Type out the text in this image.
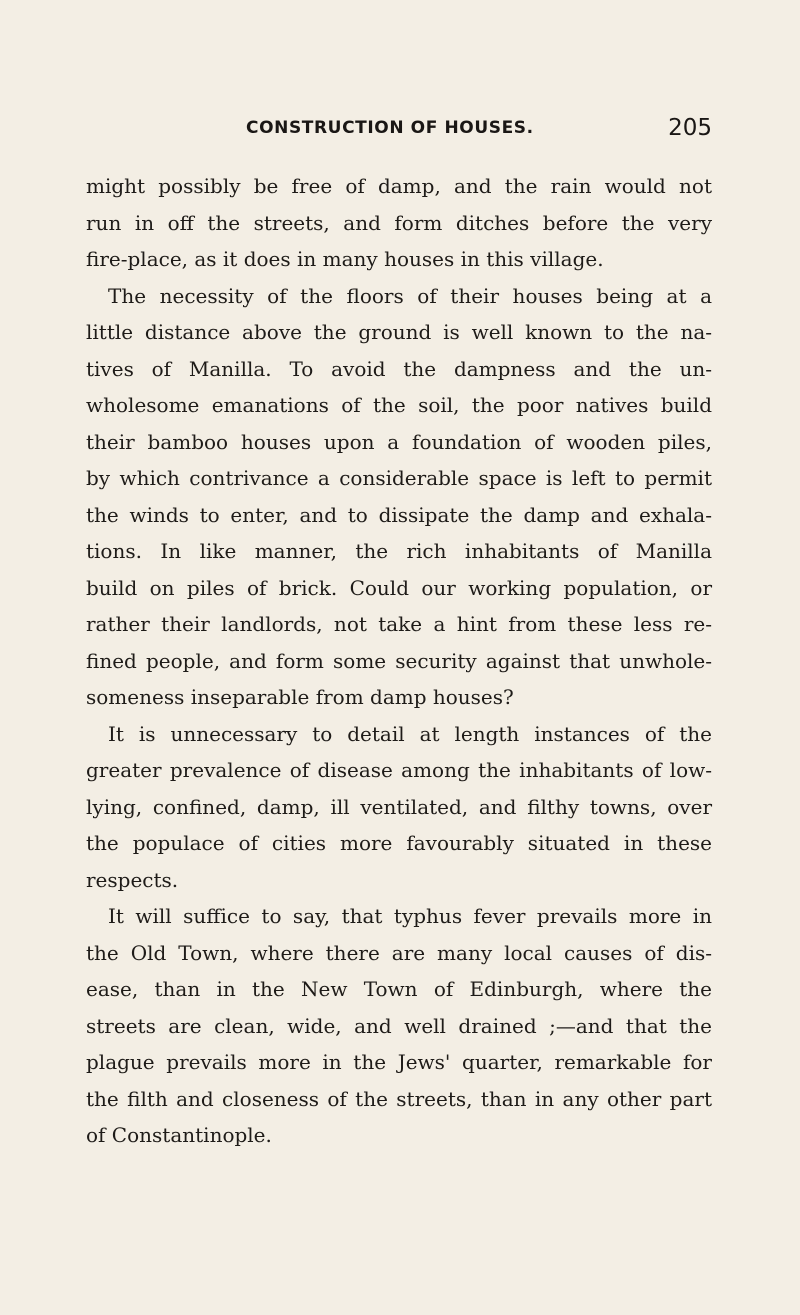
CONSTRUCTION OF HOUSES.	205
might possibly be free of damp, and the rain would not
run in off the streets, and form ditches before the very
fire-place, as it does in many houses in this village.
The necessity of the floors of their houses being at a
little distance above the ground is well known to the na-
tives of Manilla. To avoid the dampness and the un-
wholesome emanations of the soil, the poor natives build
their bamboo houses upon a foundation of wooden piles,
by which contrivance a considerable space is left to permit
the winds to enter, and to dissipate the damp and exhala-
tions. In like manner, the rich inhabitants of Manilla
build on piles of brick. Could our working population, or
rather their landlords, not take a hint from these less re-
fined people, and form some security against that unwhole-
someness inseparable from damp houses?
It is unnecessary to detail at length instances of the
greater prevalence of disease among the inhabitants of low-
lying, confined, damp, ill ventilated, and filthy towns, over
the populace of cities more favourably situated in these
respects.
It will suffice to say, that typhus fever prevails more in
the Old Town, where there are many local causes of dis-
ease, than in the New Town of Edinburgh, where the
streets are clean, wide, and well drained ;—and that the
plague prevails more in the Jews' quarter, remarkable for
the filth and closeness of the streets, than in any other part
of Constantinople.
